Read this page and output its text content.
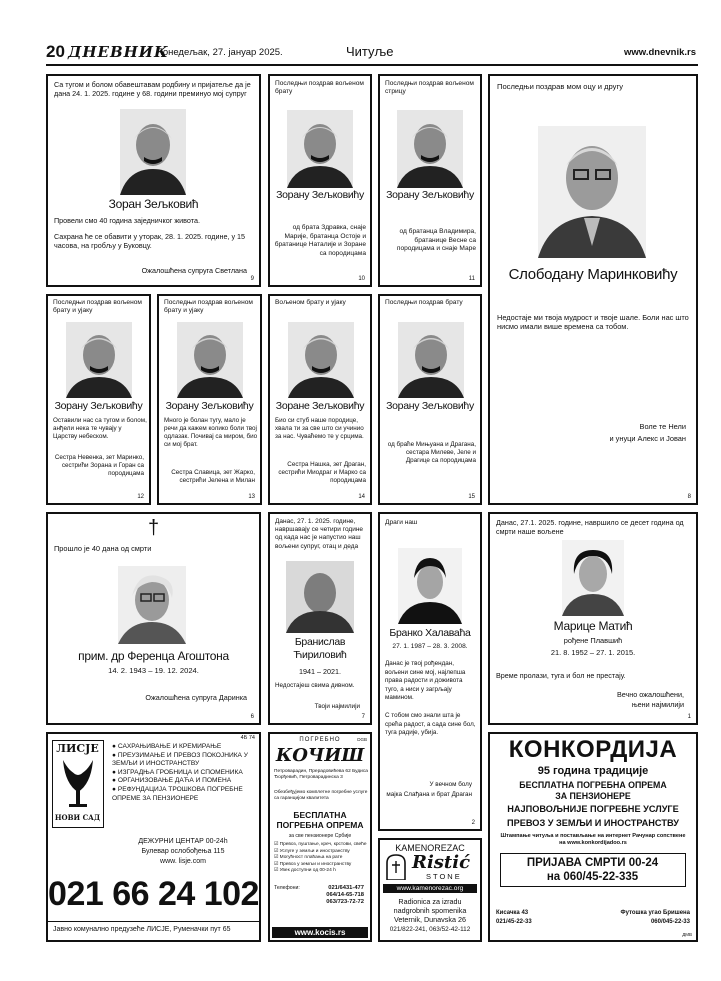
20 ДНЕВНИК
Понедељак, 27. јануар 2025.	Читуље	www.dnevnik.rs
Са тугом и болом обавештавам родбину и пријатеље да је дана 24. 1. 2025. године у 68. години преминуо мој супруг
Зоран Зељковић
Провели смо 40 година заједничког живота.
Сахрана ће се обавити у уторак, 28. 1. 2025. године, у 15 часова, на гробљу у Буковцу.
Ожалошћена супруга Светлана
9
Последњи поздрав вољеном брату
Зорану Зељковићу
од брата Здравка, снаје Марије, братанца Остоје и братанице Наталије и Зоране са породицама
10
Последњи поздрав вољеном стрицу
Зорану Зељковићу
од братанца Владимира, братанице Весне са породицама и снаје Маре
11
Последњи поздрав мом оцу и другу
Слободану Маринковићу
Недостаје ми твоја мудрост и твоје шале. Боли нас што нисмо имали више времена са тобом.
Воле те Нели
и унуци Алекс и Јован
8
Последњи поздрав вољеном брату и ујаку
Зорану Зељковићу
Оставили нас са тугом и болом, анђели нека те чувају у Царству небеском.
Сестра Невенка, зет Маринко, сестрићи Зорана и Горан са породицама
12
Последњи поздрав вољеном брату и ујаку
Зорану Зељковићу
Много је болан тугу, мало је речи да кажем колико боли твој одлазак. Почивај са миром, био си мој брат.
Сестра Славица, зет Жарко, сестрићи Јелена и Милан
13
Вољеном брату и ујаку
Зоране Зељковићу
Био си стуб наше породице, хвала ти за све што си учинио за нас. Чуваћемо те у срцима.
Сестра Нашка, зет Драган, сестрићи Миодраг и Марко са породицама
14
Последњи поздрав брату
Зорану Зељковићу
од браће Мињуана и Драгана, сестара Милеве, Јеле и Драгице са породицама
15
†
Прошло је 40 дана од смрти
прим. др Ференца Агоштона
14. 2. 1943 – 19. 12. 2024.
Ожалошћена супруга Даринка
6
Данас, 27. 1. 2025. године, навршавају се четири године од када нас је напустио наш вољени супруг, отац и деда
Бранислав
Ћириловић
1941 – 2021.
Недостајеш свима дивном.
Твоји најмилији
7
Драги наш
Бранко Халаваћа
27. 1. 1987 – 28. 3. 2008.
Данас је твој рођендан, вољени сине мој, најлепша права радости и доживота туго, а ниси у загрљају мамином.
С тобом смо знали шта је срећа радост, а сада сине бол, туга радије, убија.
У вечном болу
мајка Слађана и брат Драган
2
Данас, 27.1. 2025. године, навршило се десет година од смрти наше вољене
Марице Матић
рођене Плавшић
21. 8. 1952 – 27. 1. 2015.
Време пролази, туга и бол не престају.
Вечно ожалошћени,
њени најмилији
1
4Б 74
ЛИСЈЕ
НОВИ САД
● САХРАЊИВАЊЕ И КРЕМИРАЊЕ
● ПРЕУЗИМАЊЕ И ПРЕВОЗ ПОКОЈНИКА У ЗЕМЉИ И ИНОСТРАНСТВУ
● ИЗГРАДЊА ГРОБНИЦА И СПОМЕНИКА
● ОРГАНИЗОВАЊЕ ДАЋА И ПОМЕНА
● РЕФУНДАЦИЈА ТРОШКОВА ПОГРЕБНЕ ОПРЕМЕ ЗА ПЕНЗИОНЕРЕ
ДЕЖУРНИ ЦЕНТАР 00-24h
Булевар ослобођења 115
www. lisje.com
021 66 24 102
Јавно комунално предузеће ЛИСЈЕ, Руменачки пут 65
ПОГРЕБНО
КОЧИШ
Петроварадин, Прерадовићева 62 Будиса Ђорђевић, Петроварадинска 3
Обезбеђујемо комплетне погребне услуге са гаранцијом квалитета
БЕСПЛАТНА ПОГРЕБНА ОПРЕМА
за све пензионере Србије
☑ Превоз, пуштање, креч, крстови, свеће
☑ Услуге у земљи и иностранству
☑ Могућност плаћања на рате
☑ Превоз у земљи и иностранству
☑ Увек доступни од 00-24 h
Телефони:	021/6431-477
064/14-65-718
063/723-72-72
www.kocis.rs
DGB
KAMENOREZAC
Ristić
STONE
www.kamenorezac.org
Radionica za izradu
nadgrobnih spomenika
Veternik, Dunavska 26
021/822-241, 063/52-42-112
КОНКОРДИЈА
95 година традиције
БЕСПЛАТНА ПОГРЕБНА ОПРЕМА ЗА ПЕНЗИОНЕРЕ
НАЈПОВОЉНИЈЕ ПОГРЕБНЕ УСЛУГЕ
ПРЕВОЗ У ЗЕМЉИ И ИНОСТРАНСТВУ
Штампање читуља и постављање на интернет Рачунар сопствене на www.konkordijadoo.rs
ПРИЈАВА СМРТИ 00-24
на 060/45-22-335
Кисачка 43
021/45-22-33
Футошка угао Бришена
060/045-22-33
ДМВ
